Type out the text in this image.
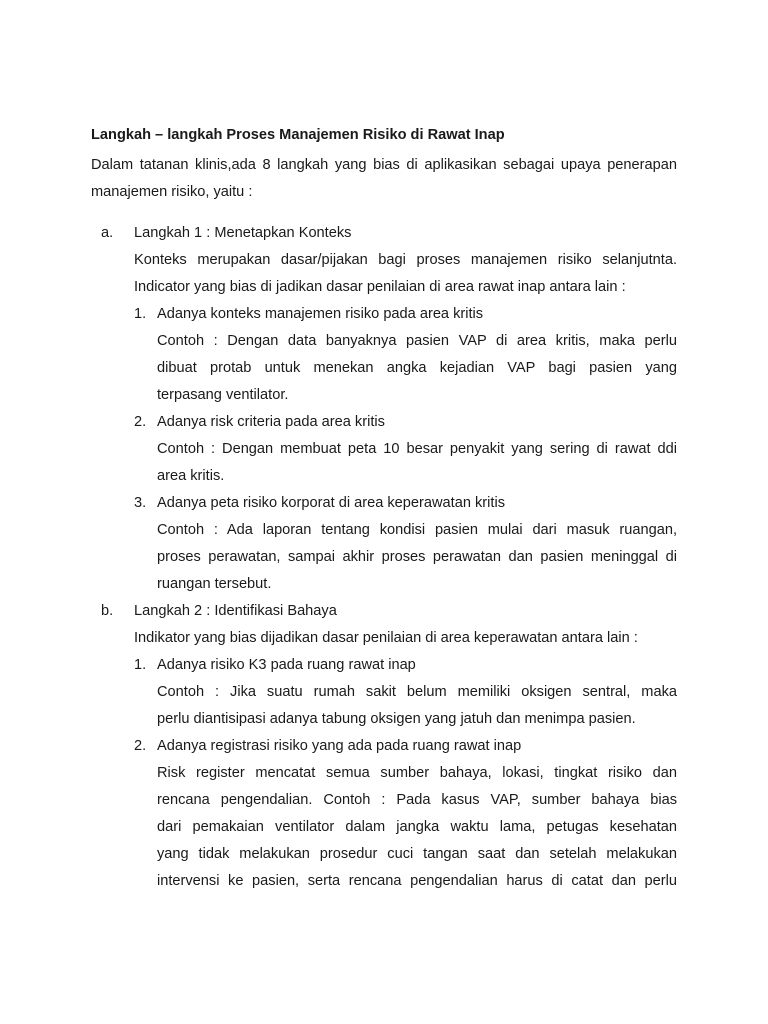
Langkah – langkah Proses Manajemen Risiko di Rawat Inap
Dalam tatanan klinis,ada 8 langkah yang bias di aplikasikan sebagai upaya penerapan
manajemen risiko, yaitu :
a. Langkah 1 : Menetapkan Konteks
Konteks merupakan dasar/pijakan bagi proses manajemen risiko selanjutnta.
Indicator yang bias di jadikan dasar penilaian di area rawat inap antara lain :
1. Adanya konteks manajemen risiko pada area kritis
Contoh : Dengan data banyaknya pasien VAP di area kritis, maka perlu
dibuat protab untuk menekan angka kejadian VAP bagi pasien yang
terpasang ventilator.
2. Adanya risk criteria pada area kritis
Contoh : Dengan membuat peta 10 besar penyakit yang sering di rawat ddi
area kritis.
3. Adanya peta risiko korporat di area keperawatan kritis
Contoh : Ada laporan tentang kondisi pasien mulai dari masuk ruangan,
proses perawatan, sampai akhir proses perawatan dan pasien meninggal di
ruangan tersebut.
b. Langkah 2 : Identifikasi Bahaya
Indikator yang bias dijadikan dasar penilaian di area keperawatan antara lain :
1. Adanya risiko K3 pada ruang rawat inap
Contoh : Jika suatu rumah sakit belum memiliki oksigen sentral, maka
perlu diantisipasi adanya tabung oksigen yang jatuh dan menimpa pasien.
2. Adanya registrasi risiko yang ada pada ruang rawat inap
Risk register mencatat semua sumber bahaya, lokasi, tingkat risiko dan
rencana pengendalian. Contoh : Pada kasus VAP, sumber bahaya bias
dari pemakaian ventilator dalam jangka waktu lama, petugas kesehatan
yang tidak melakukan prosedur cuci tangan saat dan setelah melakukan
intervensi ke pasien, serta rencana pengendalian harus di catat dan perlu
